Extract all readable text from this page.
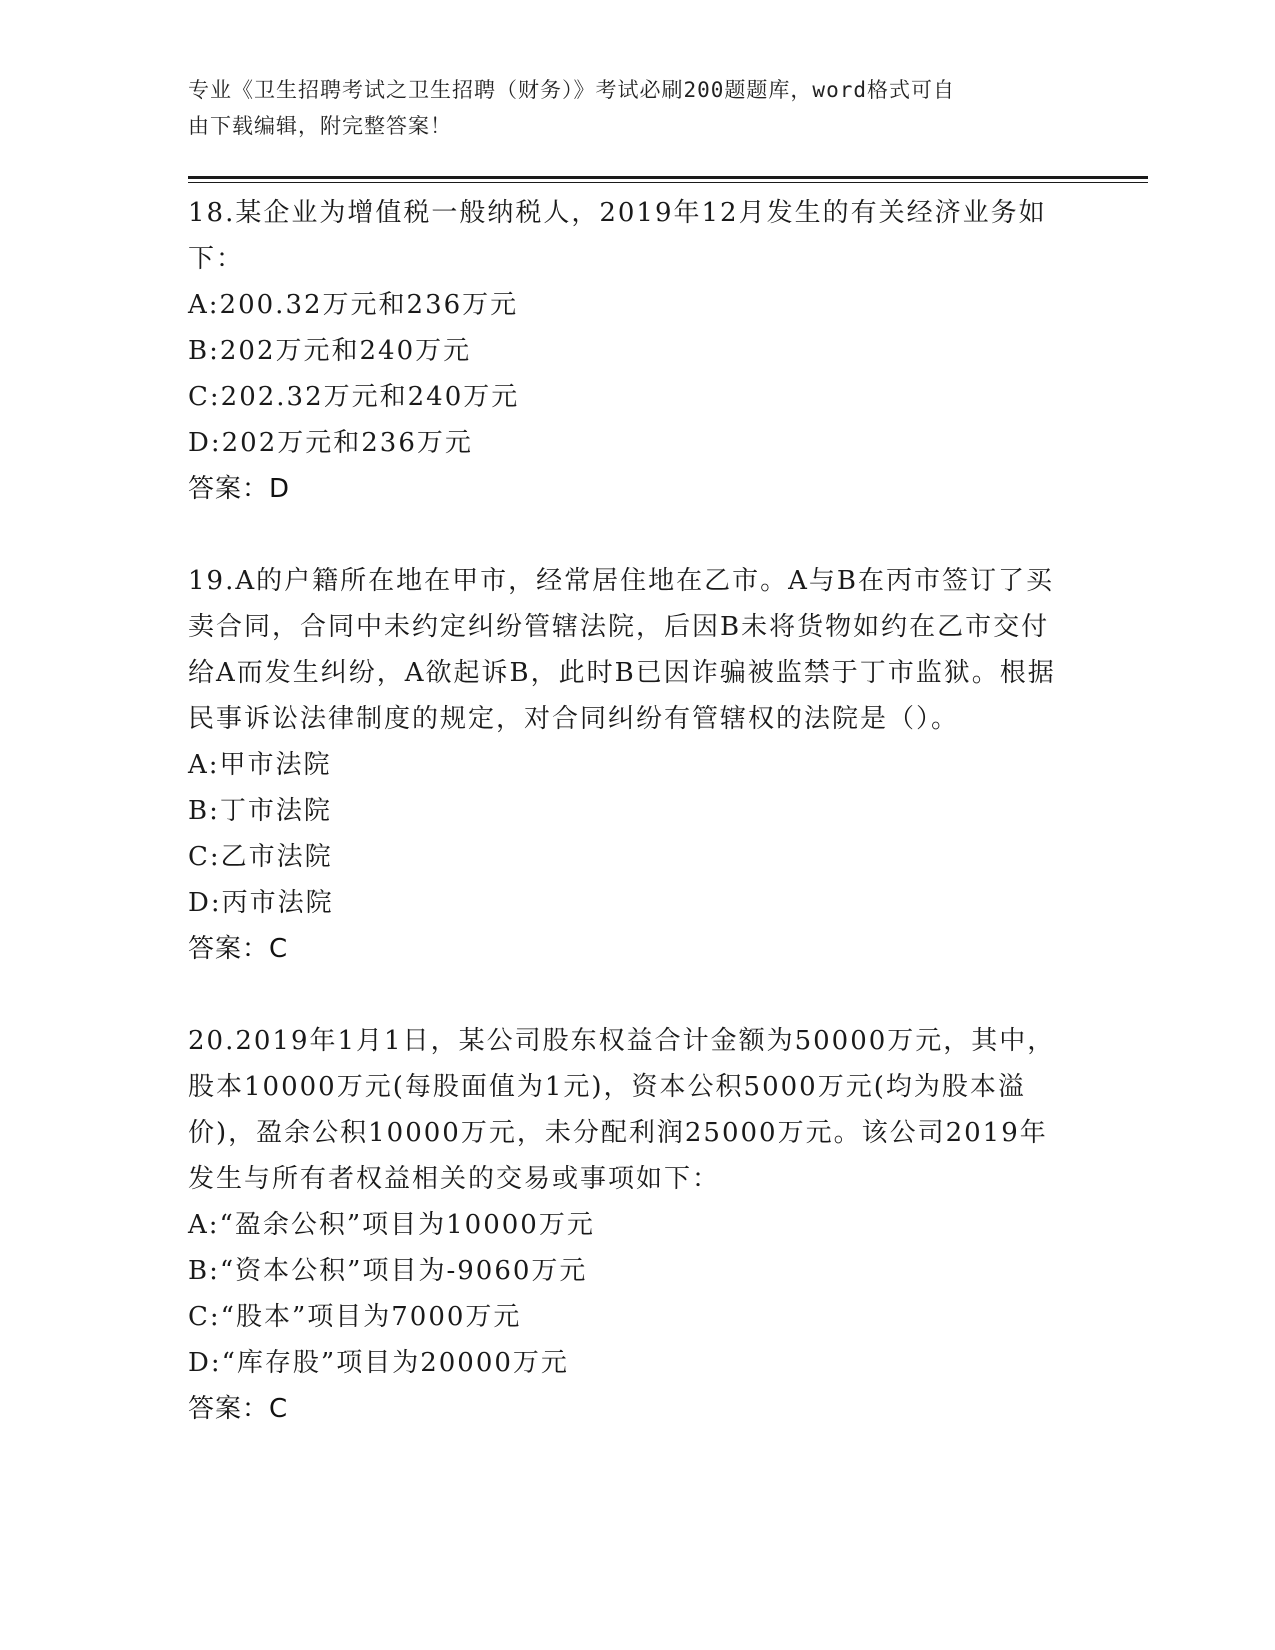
专业《卫生招聘考试之卫生招聘（财务）》考试必刷200题题库，word格式可自
由下载编辑，附完整答案！

18.某企业为增值税一般纳税人，2019年12月发生的有关经济业务如下：

A: 200.32万元和236万元
B: 202万元和240万元
C: 202.32万元和240万元
D: 202万元和236万元

答案：D

19.A的户籍所在地在甲市，经常居住地在乙市。A与B在丙市签订了买卖合同，合同中未约定纠纷管辖法院，后因B未将货物如约在乙市交付给A而发生纠纷，A欲起诉B，此时B已因诈骗被监禁于丁市监狱。根据民事诉讼法律制度的规定，对合同纠纷有管辖权的法院是（）。

A: 甲市法院
B: 丁市法院
C: 乙市法院
D: 丙市法院

答案：C

20.2019年1月1日，某公司股东权益合计金额为50000万元，其中，股本10000万元(每股面值为1元)，资本公积5000万元(均为股本溢价)，盈余公积10000万元，未分配利润25000万元。该公司2019年发生与所有者权益相关的交易或事项如下：

A: “盈余公积”项目为10000万元
B: “资本公积”项目为-9060万元
C: “股本”项目为7000万元
D: “库存股”项目为20000万元

答案：C
